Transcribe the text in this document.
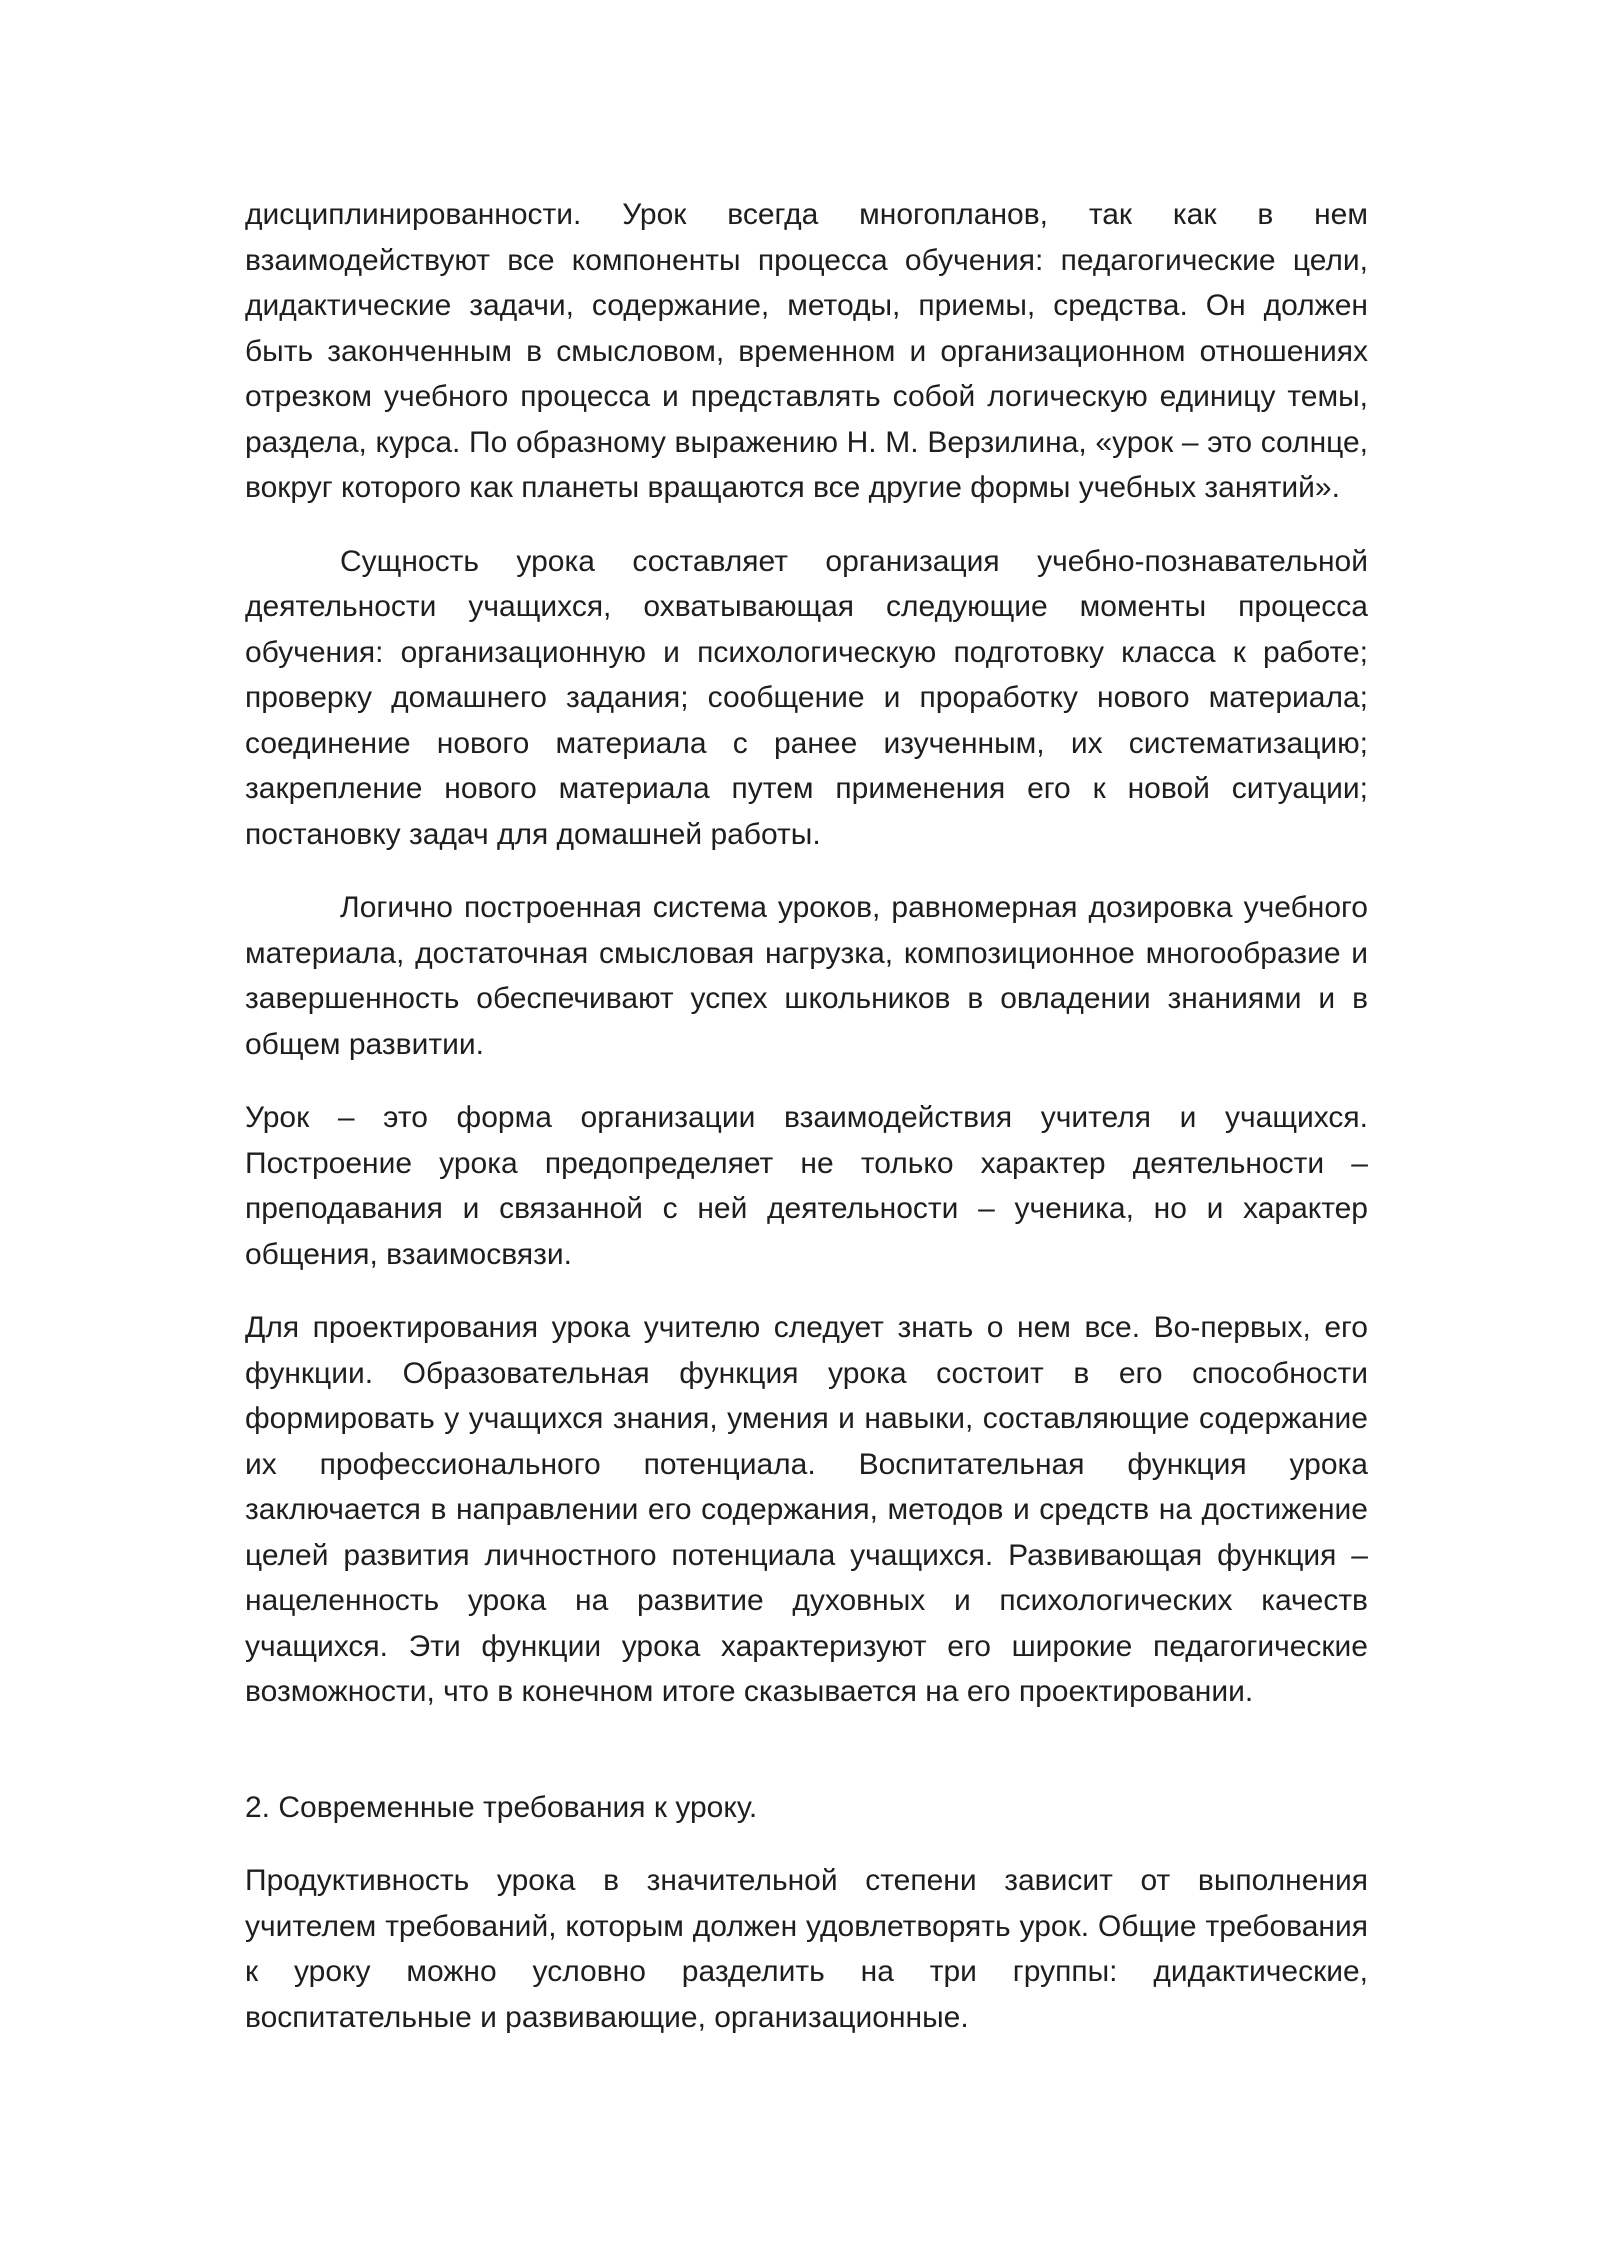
дисциплинированности. Урок всегда многопланов, так как в нем взаимодействуют все компоненты процесса обучения: педагогические цели, дидактические задачи, содержание, методы, приемы, средства. Он должен быть законченным в смысловом, временном и организационном отношениях отрезком учебного процесса и представлять собой логическую единицу темы, раздела, курса. По образному выражению Н. М. Верзилина, «урок – это солнце, вокруг которого как планеты вращаются все другие формы учебных занятий».

Сущность урока составляет организация учебно-познавательной деятельности учащихся, охватывающая следующие моменты процесса обучения: организационную и психологическую подготовку класса к работе; проверку домашнего задания; сообщение и проработку нового материала; соединение нового материала с ранее изученным, их систематизацию; закрепление нового материала путем применения его к новой ситуации; постановку задач для домашней работы.

Логично построенная система уроков, равномерная дозировка учебного материала, достаточная смысловая нагрузка, композиционное многообразие и завершенность обеспечивают успех школьников в овладении знаниями и в общем развитии.

Урок – это форма организации взаимодействия учителя и учащихся. Построение урока предопределяет не только характер деятельности – преподавания и связанной с ней деятельности – ученика, но и характер общения, взаимосвязи.

Для проектирования урока учителю следует знать о нем все. Во-первых, его функции. Образовательная функция урока состоит в его способности формировать у учащихся знания, умения и навыки, составляющие содержание их профессионального потенциала. Воспитательная функция урока заключается в направлении его содержания, методов и средств на достижение целей развития личностного потенциала учащихся. Развивающая функция – нацеленность урока на развитие духовных и психологических качеств учащихся. Эти функции урока характеризуют его широкие педагогические возможности, что в конечном итоге сказывается на его проектировании.

2. Современные требования к уроку.

Продуктивность урока в значительной степени зависит от выполнения учителем требований, которым должен удовлетворять урок. Общие требования к уроку можно условно разделить на три группы: дидактические, воспитательные и развивающие, организационные.
